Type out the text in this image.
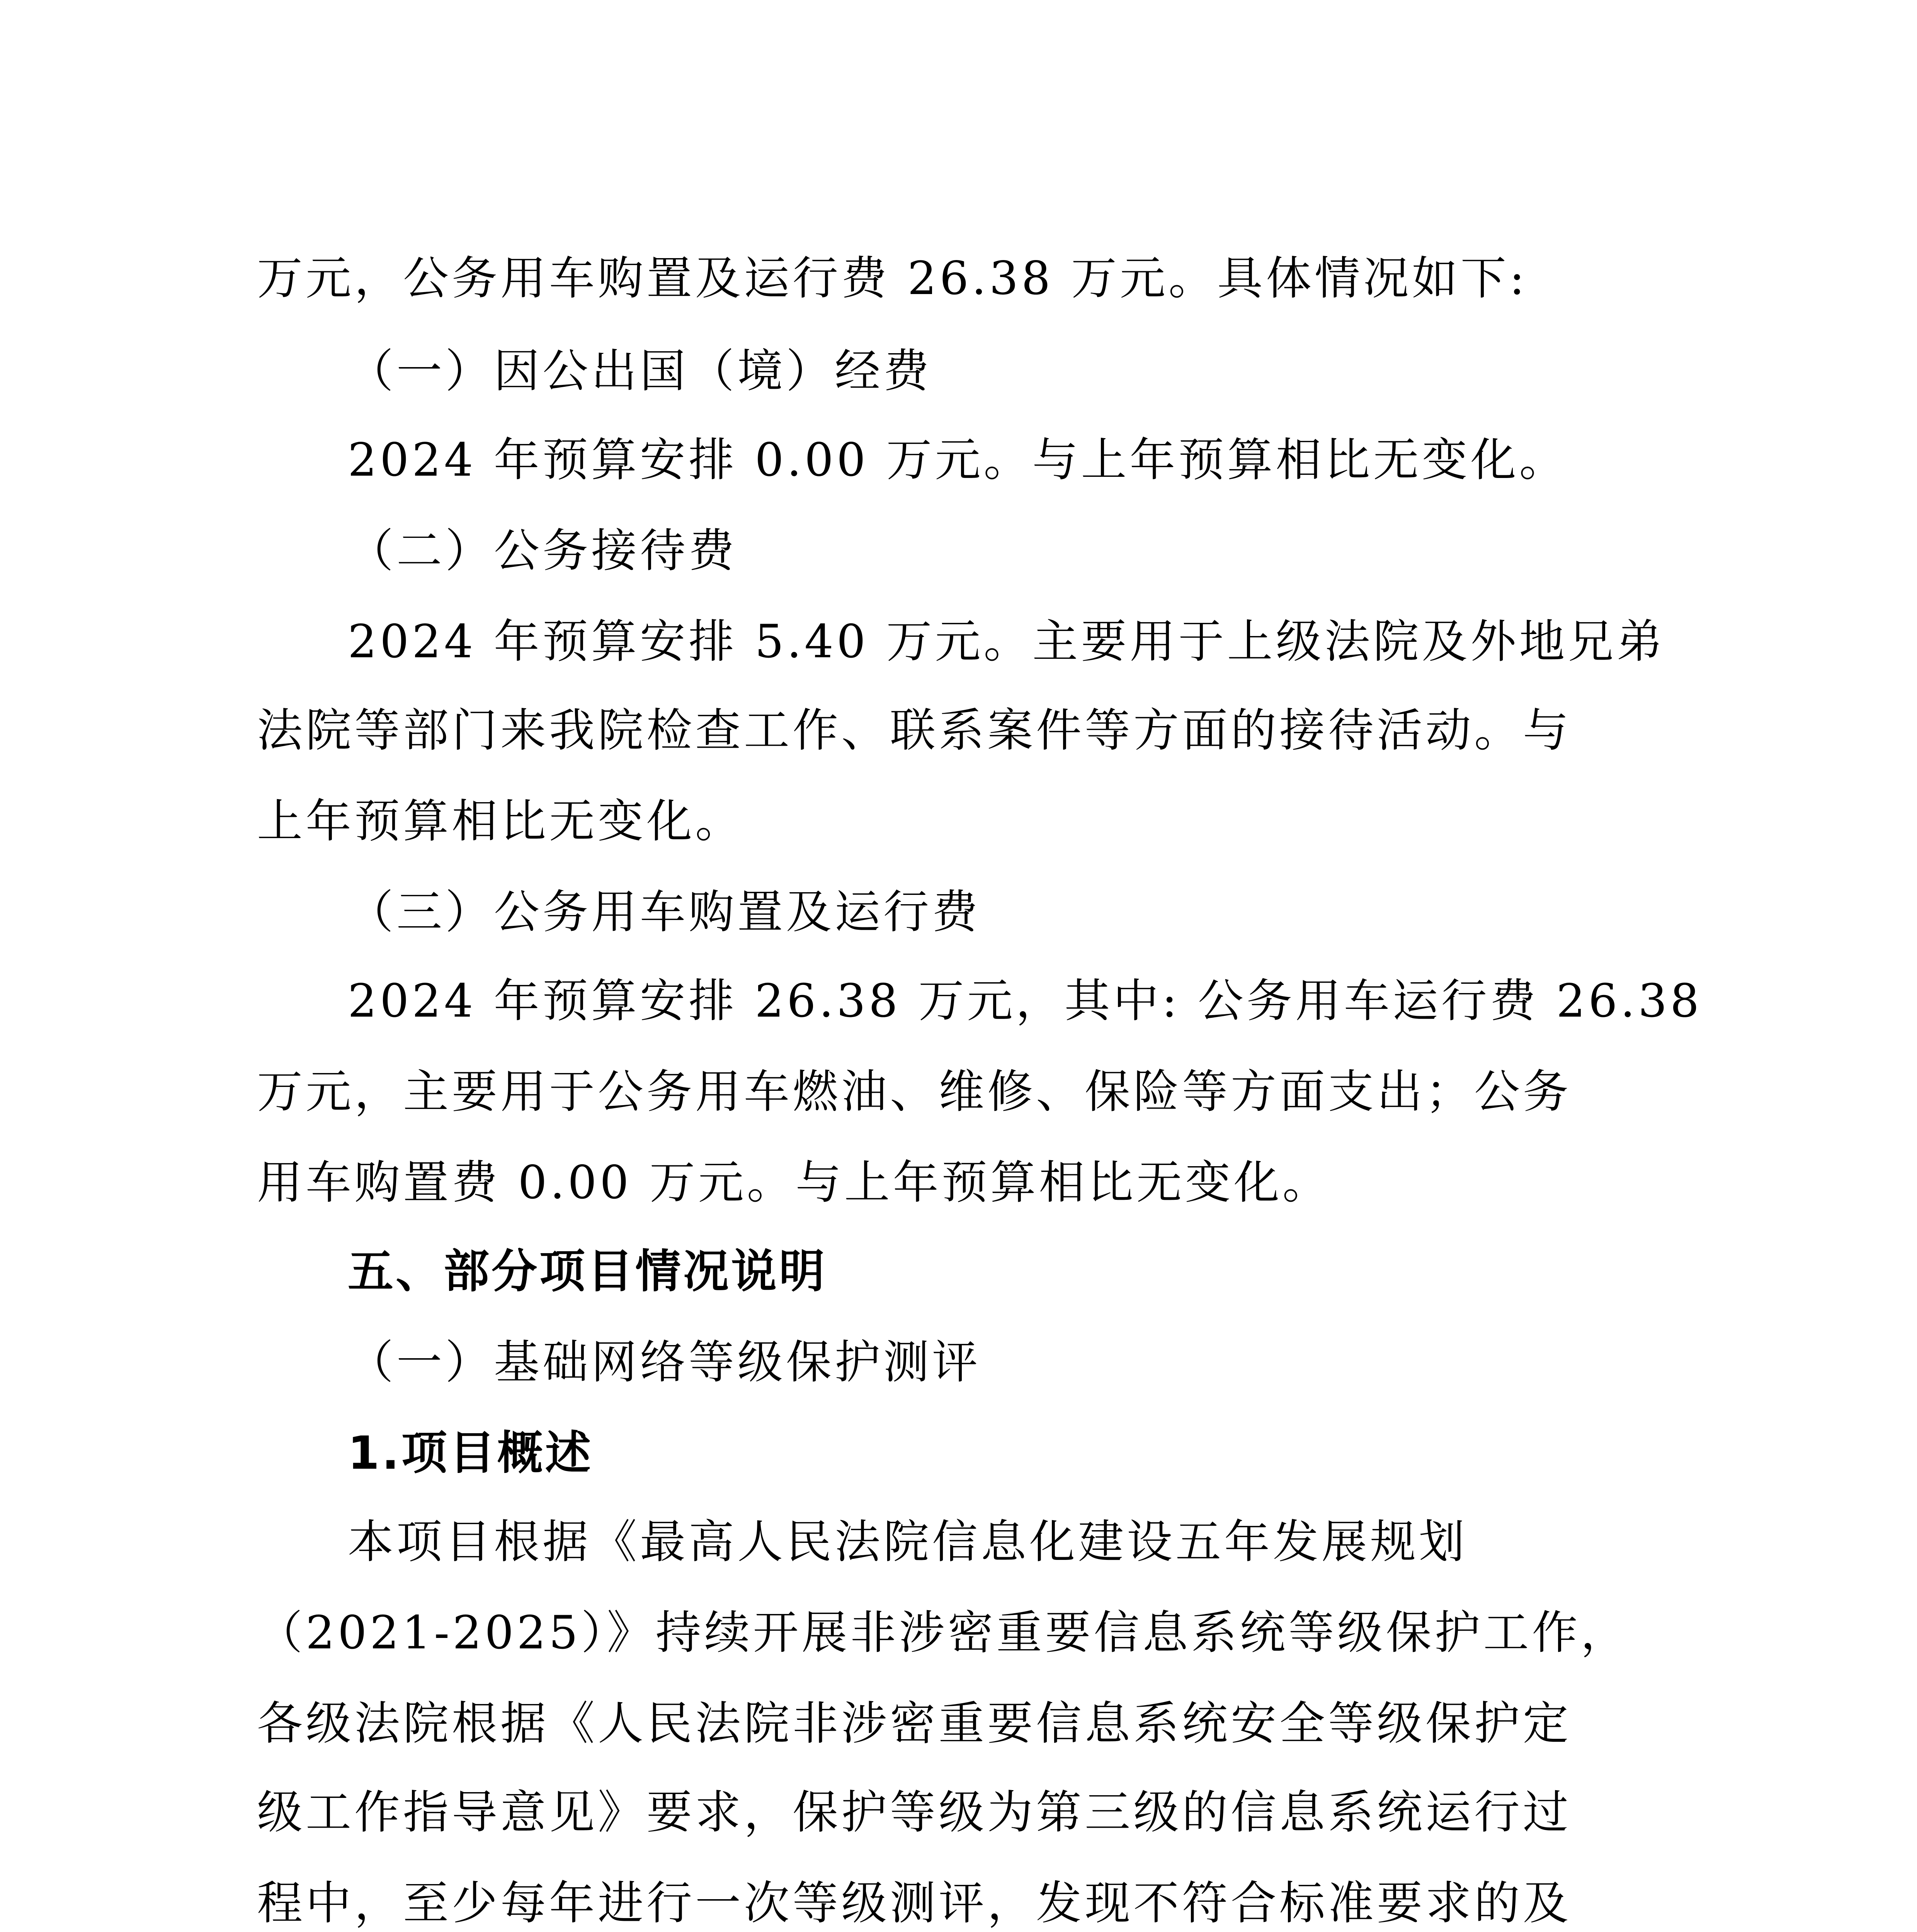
万元，公务用车购置及运行费 26.38 万元。具体情况如下:
（一）因公出国（境）经费
2024 年预算安排 0.00 万元。与上年预算相比无变化。
（二）公务接待费
2024 年预算安排 5.40 万元。主要用于上级法院及外地兄弟
法院等部门来我院检查工作、联系案件等方面的接待活动。与
上年预算相比无变化。
（三）公务用车购置及运行费
2024 年预算安排 26.38 万元，其中: 公务用车运行费 26.38
万元，主要用于公务用车燃油、维修、保险等方面支出；公务
用车购置费 0.00 万元。与上年预算相比无变化。
五、部分项目情况说明
（一）基础网络等级保护测评
1.项目概述
本项目根据《最高人民法院信息化建设五年发展规划
（2021-2025）》持续开展非涉密重要信息系统等级保护工作，
各级法院根据《人民法院非涉密重要信息系统安全等级保护定
级工作指导意见》要求，保护等级为第三级的信息系统运行过
程中，至少每年进行一次等级测评，发现不符合标准要求的及
